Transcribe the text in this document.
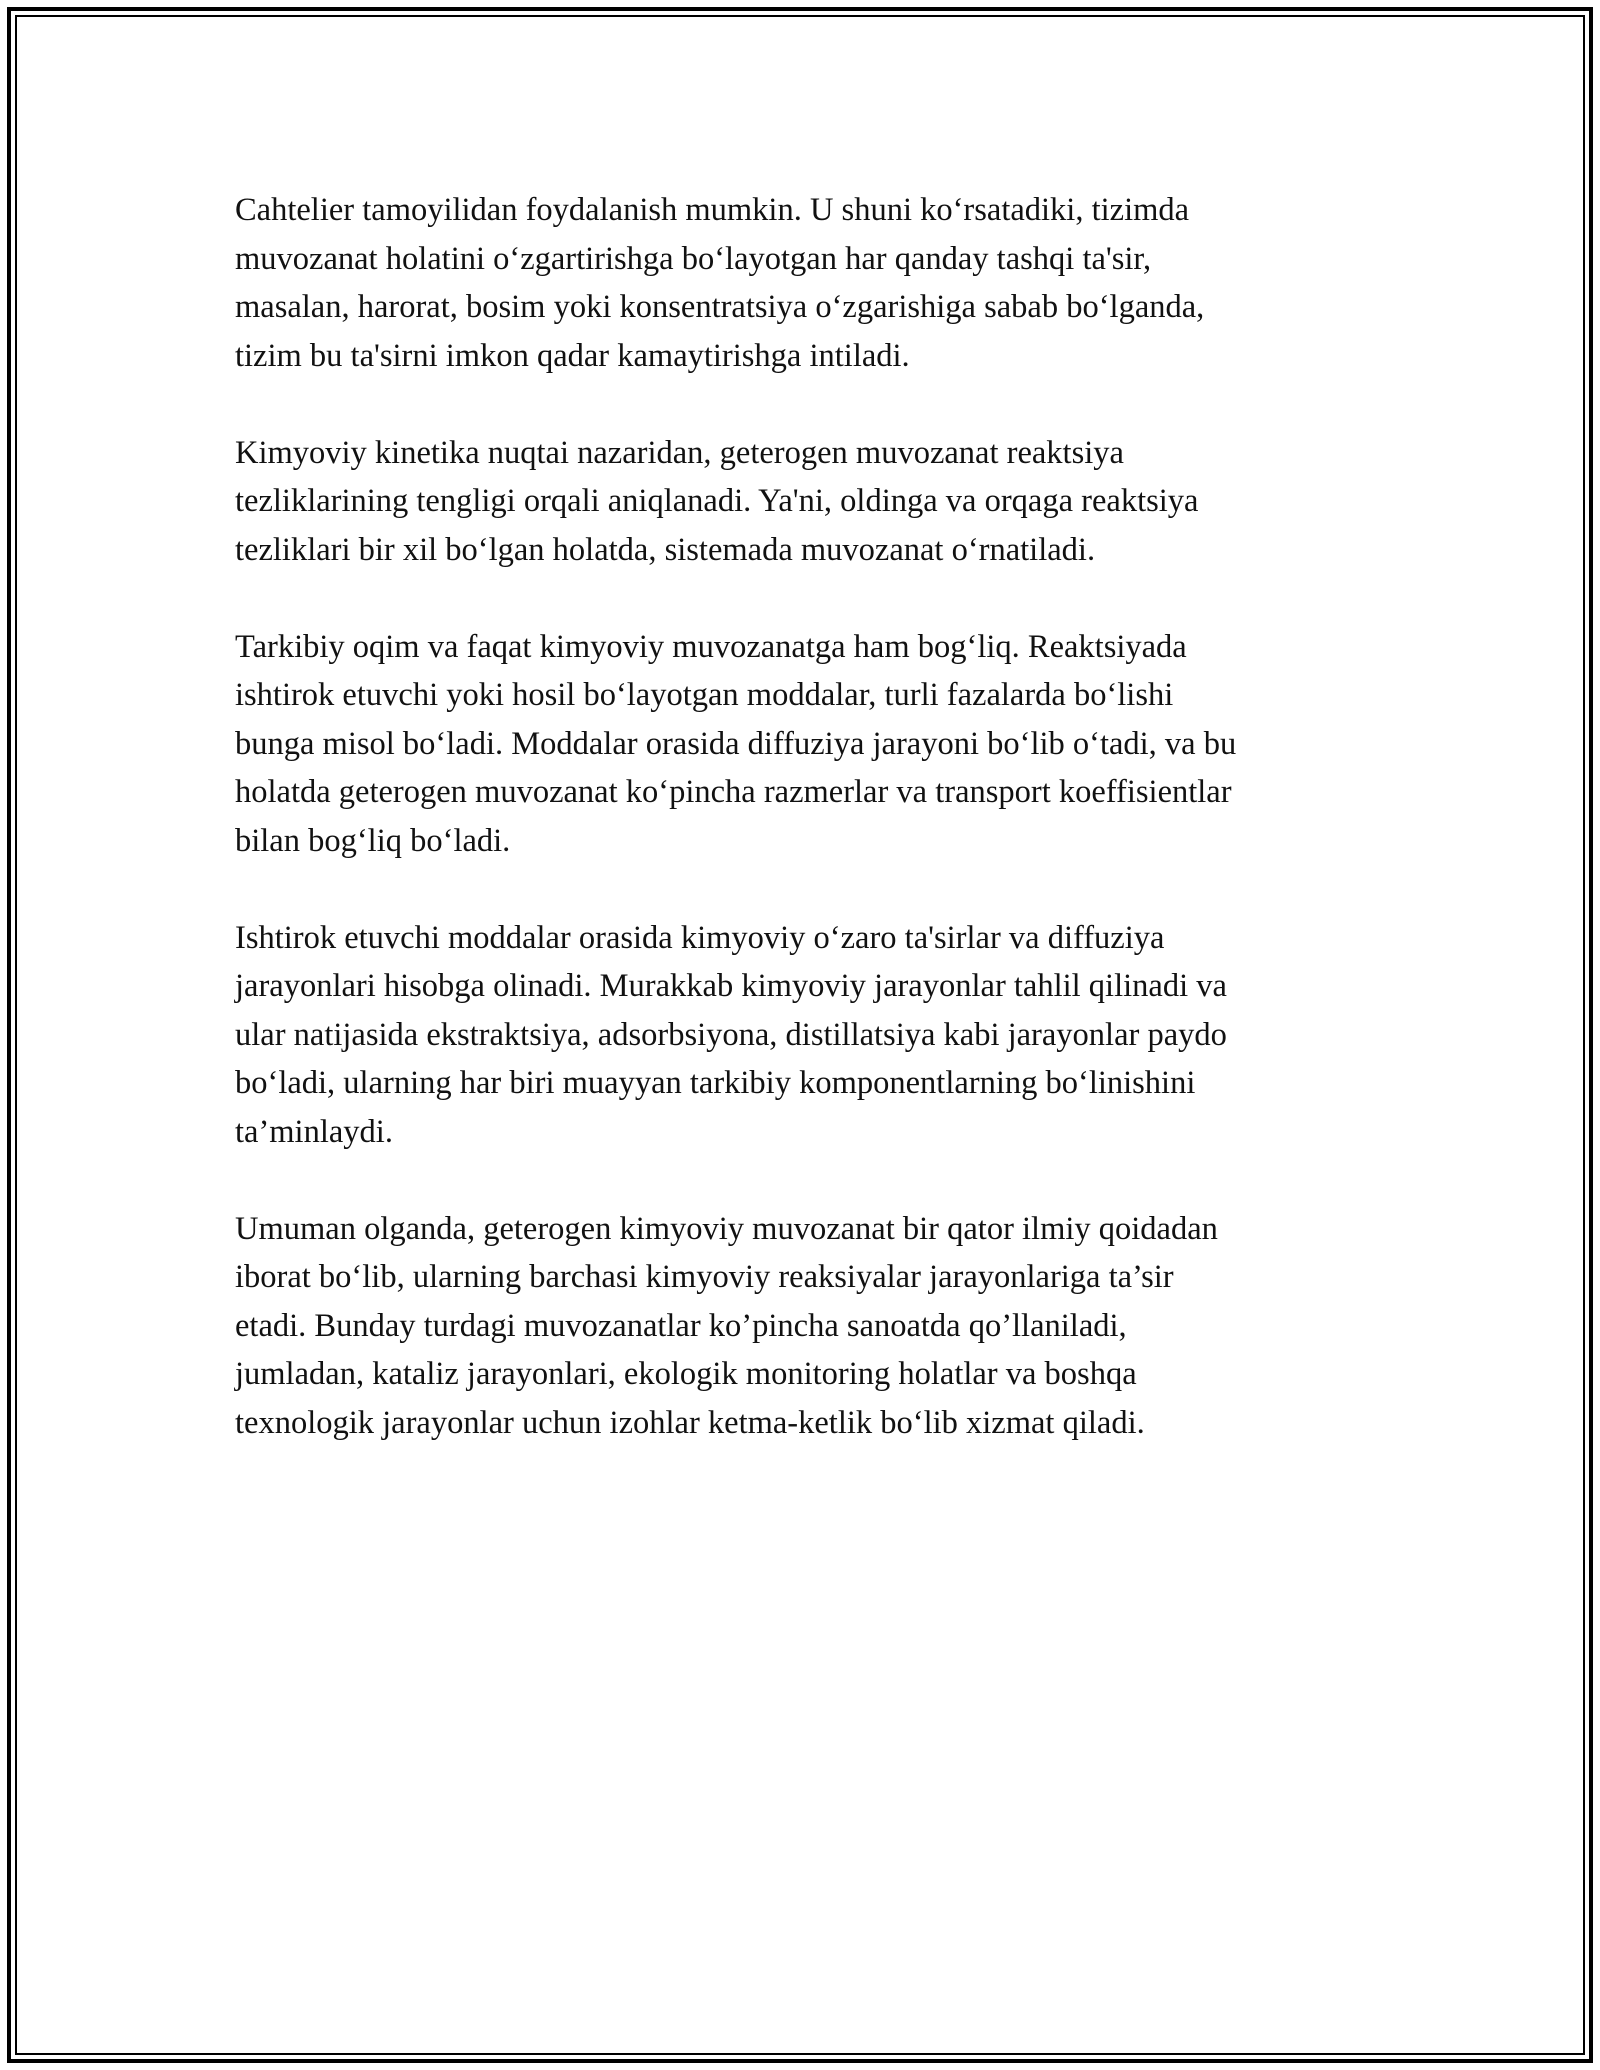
Cahtelier tamoyilidan foydalanish mumkin. U shuni koʻrsatadiki, tizimda
muvozanat holatini oʻzgartirishga boʻlayotgan har qanday tashqi ta'sir,
masalan, harorat, bosim yoki konsentratsiya oʻzgarishiga sabab boʻlganda,
tizim bu ta'sirni imkon qadar kamaytirishga intiladi.

Kimyoviy kinetika nuqtai nazaridan, geterogen muvozanat reaktsiya
tezliklarining tengligi orqali aniqlanadi. Ya'ni, oldinga va orqaga reaktsiya
tezliklari bir xil boʻlgan holatda, sistemada muvozanat oʻrnatiladi.

Tarkibiy oqim va faqat kimyoviy muvozanatga ham bogʻliq. Reaktsiyada
ishtirok etuvchi yoki hosil boʻlayotgan moddalar, turli fazalarda boʻlishi
bunga misol boʻladi. Moddalar orasida diffuziya jarayoni boʻlib oʻtadi, va bu
holatda geterogen muvozanat koʻpincha razmerlar va transport koeffisientlar
bilan bogʻliq boʻladi.

Ishtirok etuvchi moddalar orasida kimyoviy oʻzaro ta'sirlar va diffuziya
jarayonlari hisobga olinadi. Murakkab kimyoviy jarayonlar tahlil qilinadi va
ular natijasida ekstraktsiya, adsorbsiyona, distillatsiya kabi jarayonlar paydo
boʻladi, ularning har biri muayyan tarkibiy komponentlarning boʻlinishini
ta’minlaydi.

Umuman olganda, geterogen kimyoviy muvozanat bir qator ilmiy qoidadan
iborat boʻlib, ularning barchasi kimyoviy reaksiyalar jarayonlariga ta’sir
etadi. Bunday turdagi muvozanatlar ko’pincha sanoatda qo’llaniladi,
jumladan, kataliz jarayonlari, ekologik monitoring holatlar va boshqa
texnologik jarayonlar uchun izohlar ketma-ketlik boʻlib xizmat qiladi.
